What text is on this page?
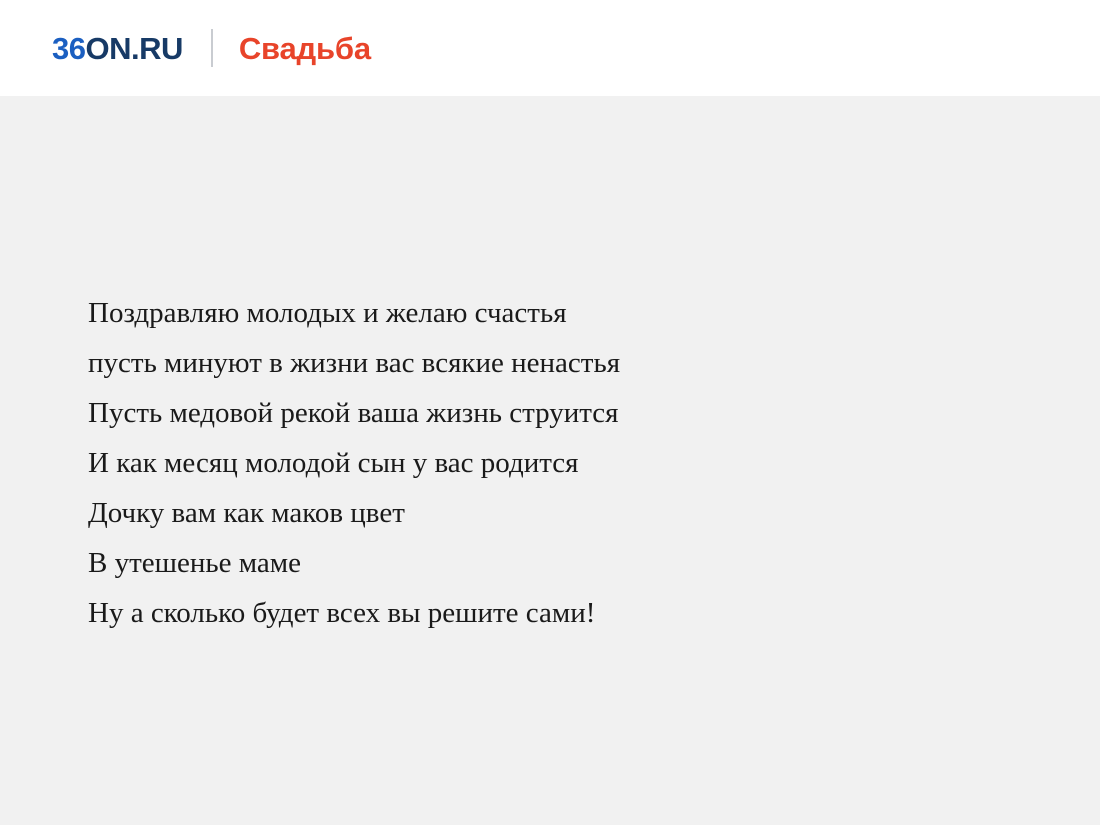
36 ON .RU Свадьба
Поздравляю молодых и желаю счастья
пусть минуют в жизни вас всякие ненастья
Пусть медовой рекой ваша жизнь струится
И как месяц молодой сын у вас родится
Дочку вам как маков цвет
В утешенье маме
Ну а сколько будет всех вы решите сами!
